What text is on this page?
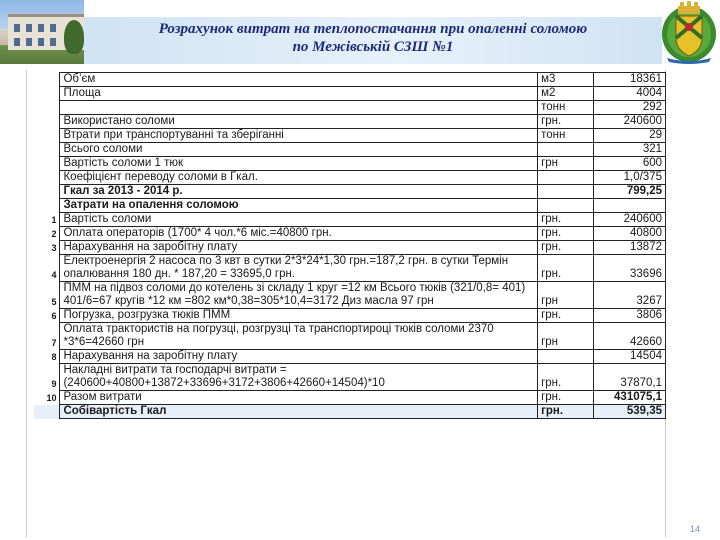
Розрахунок витрат на теплопостачання при опаленні соломою
по Межівській СЗШ №1
	Об’єм	м3	18361
	Площа	м2	4004
		тонн	292
	Використано соломи	грн.	240600
	Втрати при транспортуванні та зберіганні	тонн	29
	Всього соломи		321
	Вартість соломи 1 тюк	грн	600
	Коефіцієнт переводу соломи в Гкал.		1,0/375
	Гкал за 2013 - 2014 р.		799,25
	Затрати на опалення соломою		
1	Вартість соломи	грн.	240600
2	Оплата операторів (1700* 4 чол.*6 міс.=40800 грн.	грн.	40800
3	Нарахування на заробітну плату	грн.	13872
4	Електроенергія 2 насоса по 3 квт в сутки 2*3*24*1,30 грн.=187,2 грн. в сутки Термін опалювання 180 дн. * 187,20 = 33695,0 грн.	грн.	33696
5	ПММ на підвоз соломи до котелень зі складу 1 круг =12 км Всього тюків (321/0,8= 401) 401/6=67 кругів *12 км =802 км*0,38=305*10,4=3172 Диз масла 97 грн	грн	3267
6	Погрузка, розгрузка тюків ПММ	грн.	3806
7	Оплата трактористів на погрузці, розгрузці та транспортироці тюків соломи 2370 *3*6=42660 грн	грн	42660
8	Нарахування на заробітну плату		14504
9	Накладні витрати та господарчі витрати = (240600+40800+13872+33696+3172+3806+42660+14504)*10	грн.	37870,1
10	Разом витрати	грн.	431075,1
	Собівартість Гкал	грн.	539,35
14
